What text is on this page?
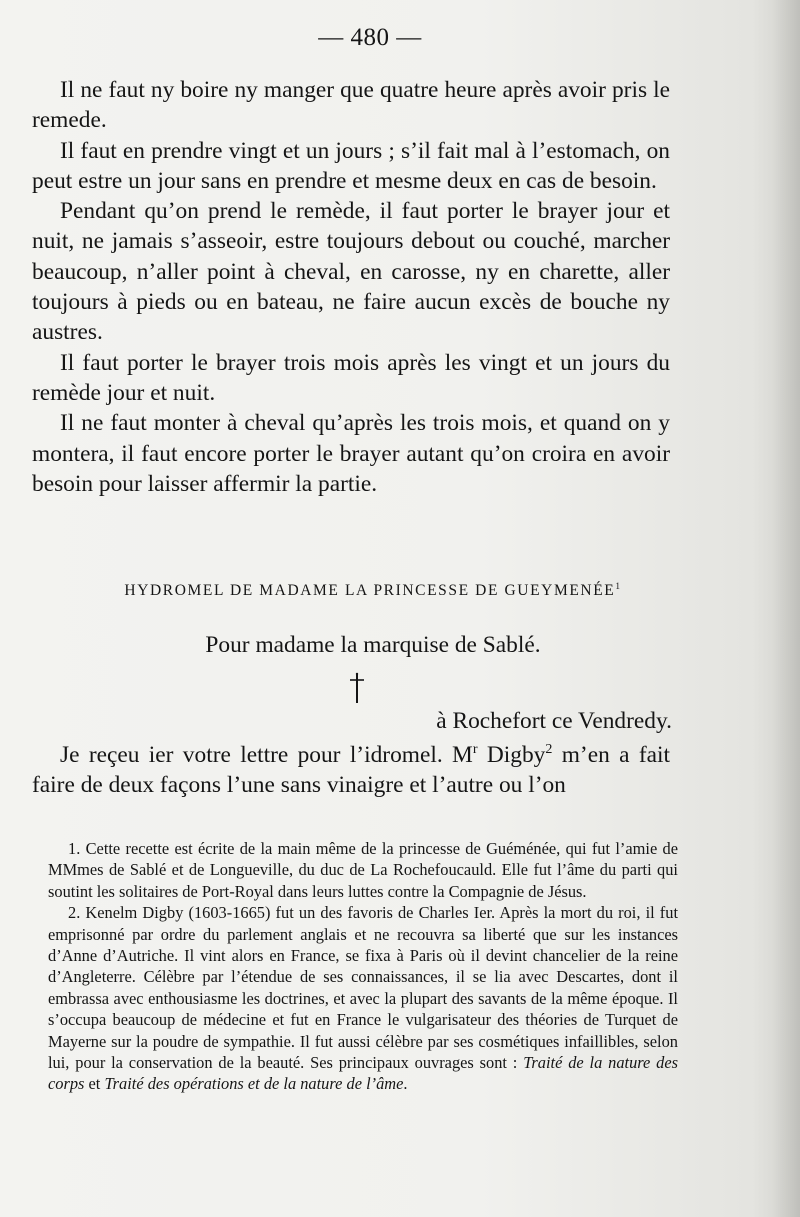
— 480 —

Il ne faut ny boire ny manger que quatre heure après avoir pris le remede.

Il faut en prendre vingt et un jours ; s’il fait mal à l’estomach, on peut estre un jour sans en prendre et mesme deux en cas de besoin.

Pendant qu’on prend le remède, il faut porter le brayer jour et nuit, ne jamais s’asseoir, estre toujours debout ou couché, marcher beaucoup, n’aller point à cheval, en carosse, ny en charette, aller toujours à pieds ou en bateau, ne faire aucun excès de bouche ny austres.

Il faut porter le brayer trois mois après les vingt et un jours du remède jour et nuit.

Il ne faut monter à cheval qu’après les trois mois, et quand on y montera, il faut encore porter le brayer autant qu’on croira en avoir besoin pour laisser affermir la partie.

HYDROMEL DE MADAME LA PRINCESSE DE GUEYMENÉE$^1$
Pour madame la marquise de Sablé.
à Rochefort ce Vendredy.

Je reçeu ier votre lettre pour l’idromel. $M^r$ Digby$^2$ m’en a fait faire de deux façons l’une sans vinaigre et l’autre ou l’on

1. Cette recette est écrite de la main même de la princesse de Guéménée, qui fut l’amie de MMmes de Sablé et de Longueville, du duc de La Rochefoucauld. Elle fut l’âme du parti qui soutint les solitaires de Port-Royal dans leurs luttes contre la Compagnie de Jésus.

2. Kenelm Digby (1603-1665) fut un des favoris de Charles Ier. Après la mort du roi, il fut emprisonné par ordre du parlement anglais et ne recouvra sa liberté que sur les instances d’Anne d’Autriche. Il vint alors en France, se fixa à Paris où il devint chancelier de la reine d’Angleterre. Célèbre par l’étendue de ses connaissances, il se lia avec Descartes, dont il embrassa avec enthousiasme les doctrines, et avec la plupart des savants de la même époque. Il s’occupa beaucoup de médecine et fut en France le vulgarisateur des théories de Turquet de Mayerne sur la poudre de sympathie. Il fut aussi célèbre par ses cosmétiques infaillibles, selon lui, pour la conservation de la beauté. Ses principaux ouvrages sont : Traité de la nature des corps et Traité des opérations et de la nature de l’âme.
